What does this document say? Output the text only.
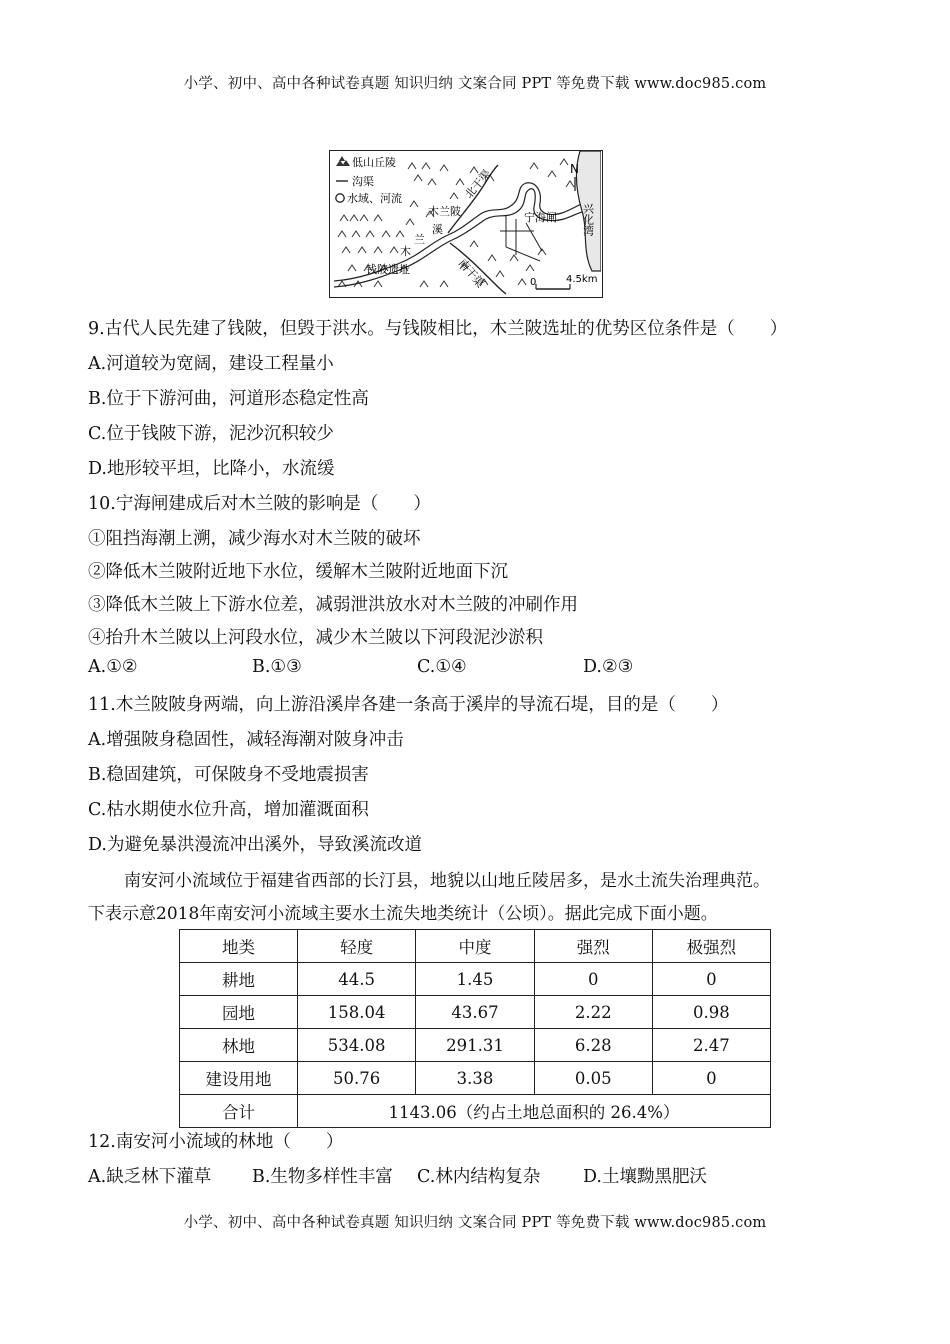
小学、初中、高中各种试卷真题 知识归纳 文案合同 PPT 等免费下载 www.doc985.com
低山丘陵
沟渠
水域、河流
N
北干渠
木兰陂	宁海闸 兴化湾
溪
兰
木
南干渠
钱陂遗址
0	4.5km
9.古代人民先建了钱陂，但毁于洪水。与钱陂相比，木兰陂选址的优势区位条件是（　　）
A.河道较为宽阔，建设工程量小
B.位于下游河曲，河道形态稳定性高
C.位于钱陂下游，泥沙沉积较少
D.地形较平坦，比降小，水流缓
10.宁海闸建成后对木兰陂的影响是（　　）
①阻挡海潮上溯，减少海水对木兰陂的破坏
②降低木兰陂附近地下水位，缓解木兰陂附近地面下沉
③降低木兰陂上下游水位差，减弱泄洪放水对木兰陂的冲刷作用
④抬升木兰陂以上河段水位，减少木兰陂以下河段泥沙淤积
A.①②	B.①③	C.①④	D.②③
11.木兰陂陂身两端，向上游沿溪岸各建一条高于溪岸的导流石堤，目的是（　　）
A.增强陂身稳固性，减轻海潮对陂身冲击
B.稳固建筑，可保陂身不受地震损害
C.枯水期使水位升高，增加灌溉面积
D.为避免暴洪漫流冲出溪外，导致溪流改道
南安河小流域位于福建省西部的长汀县，地貌以山地丘陵居多，是水土流失治理典范。
下表示意2018年南安河小流域主要水土流失地类统计（公顷）。据此完成下面小题。
地类	轻度	中度	强烈	极强烈
耕地	44.5	1.45	0	0
园地	158.04	43.67	2.22	0.98
林地	534.08	291.31	6.28	2.47
建设用地	50.76	3.38	0.05	0
合计	1143.06（约占土地总面积的 26.4%）			
12.南安河小流域的林地（　　）
A.缺乏林下灌草 B.生物多样性丰富 C.林内结构复杂 D.土壤黝黑肥沃
小学、初中、高中各种试卷真题 知识归纳 文案合同 PPT 等免费下载 www.doc985.com
